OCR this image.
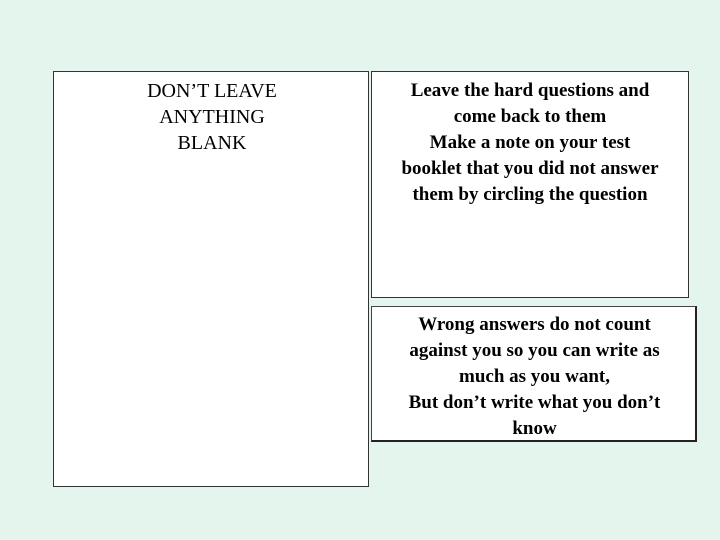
DON’T LEAVE

ANYTHING

BLANK

Leave the hard questions and

come back to them

Make a note on your test

booklet that you did not answer

them by circling the question

Wrong answers do not count

against you so you can write as

much as you want,

But don’t write what you don’t

know
